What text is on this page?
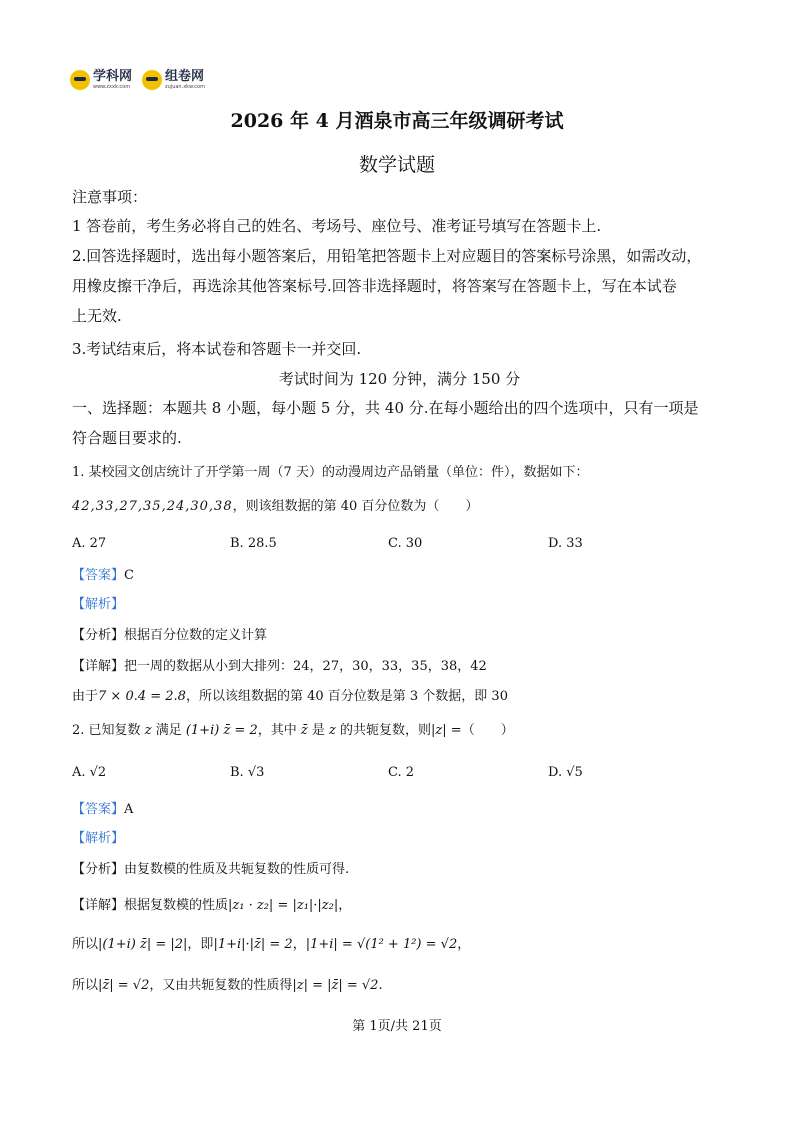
学科网
www.zxxk.com
组卷网
zujuan.xkw.com
2026 年 4 月酒泉市高三年级调研考试
数学试题
注意事项：
1 答卷前，考生务必将自己的姓名、考场号、座位号、准考证号填写在答题卡上.
2.回答选择题时，选出每小题答案后，用铅笔把答题卡上对应题目的答案标号涂黑，如需改动，
用橡皮擦干净后，再选涂其他答案标号.回答非选择题时，将答案写在答题卡上，写在本试卷
上无效.
3.考试结束后，将本试卷和答题卡一并交回.
考试时间为 120 分钟，满分 150 分
一、选择题：本题共 8 小题，每小题 5 分，共 40 分.在每小题给出的四个选项中，只有一项是
符合题目要求的.
1. 某校园文创店统计了开学第一周（7 天）的动漫周边产品销量（单位：件），数据如下：
42,33,27,35,24,30,38，则该组数据的第 40 百分位数为（　　）
A. 27	B. 28.5	C. 30	D. 33
【答案】C
【解析】
【分析】根据百分位数的定义计算
【详解】把一周的数据从小到大排列：24，27，30，33，35，38，42
由于7 × 0.4 = 2.8，所以该组数据的第 40 百分位数是第 3 个数据，即 30
2. 已知复数 z 满足 (1+i) z̄ = 2，其中 z̄ 是 z 的共轭复数，则|z| =（　　）
A. √2	B. √3	C. 2	D. √5
【答案】A
【解析】
【分析】由复数模的性质及共轭复数的性质可得.
【详解】根据复数模的性质|z₁ · z₂| = |z₁|·|z₂|，
所以|(1+i) z̄| = |2|，即|1+i|·|z̄| = 2，|1+i| = √(1² + 1²) = √2，
所以|z̄| = √2，又由共轭复数的性质得|z| = |z̄| = √2.
第 1页/共 21页
